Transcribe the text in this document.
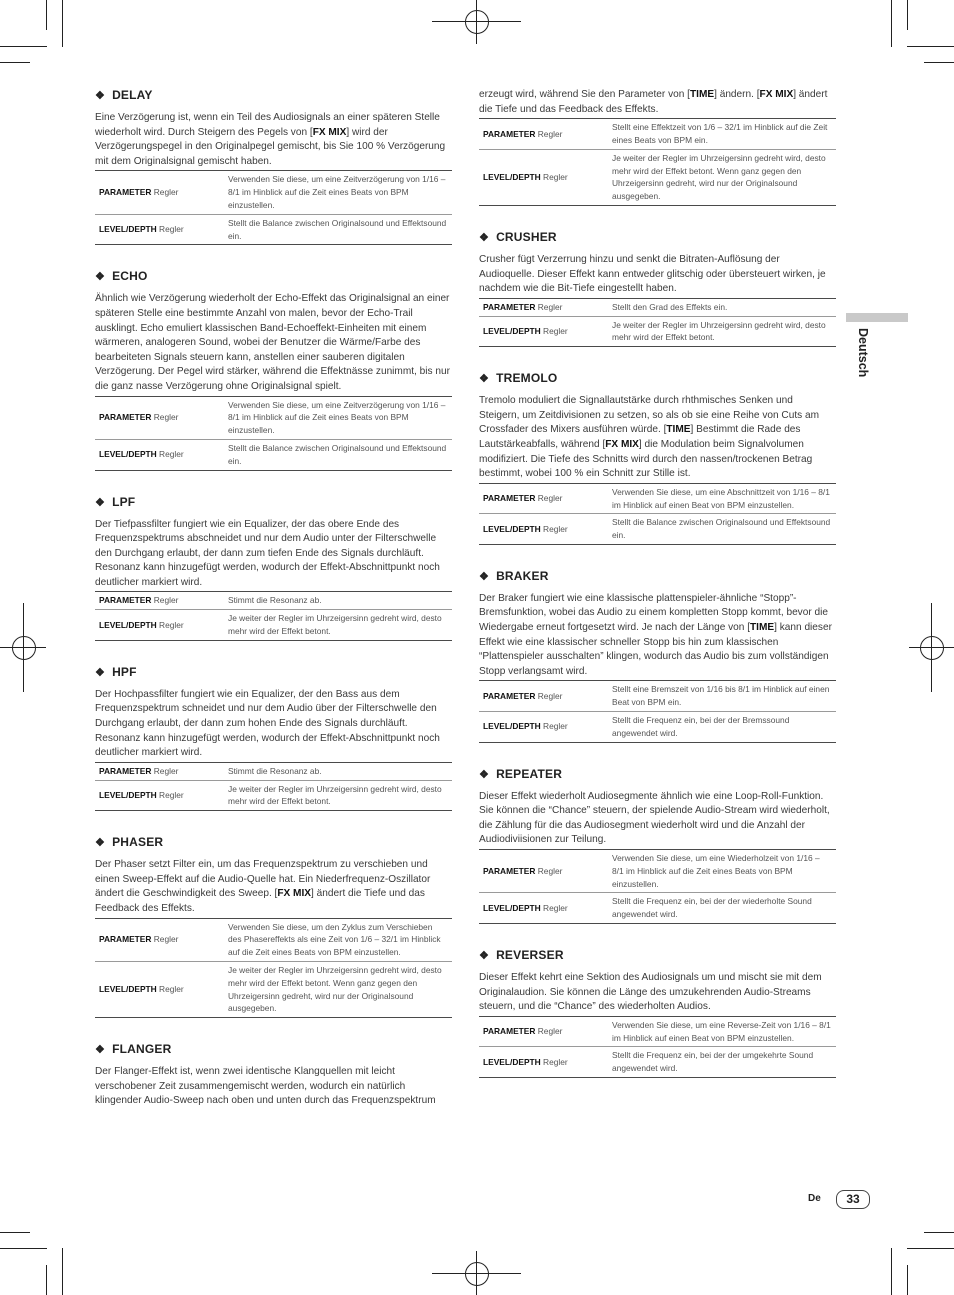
❖ DELAY

Eine Verzögerung ist, wenn ein Teil des Audiosignals an einer späteren Stelle wiederholt wird. Durch Steigern des Pegels von [FX MIX] wird der Verzögerungspegel in den Originalpegel gemischt, bis Sie 100 % Verzögerung mit dem Originalsignal gemischt haben.

PARAMETER Regler	Verwenden Sie diese, um eine Zeitverzögerung von 1/16 – 8/1 im Hinblick auf die Zeit eines Beats von BPM einzustellen.
LEVEL/DEPTH Regler	Stellt die Balance zwischen Originalsound und Effektsound ein.
❖ ECHO

Ähnlich wie Verzögerung wiederholt der Echo-Effekt das Originalsignal an einer späteren Stelle eine bestimmte Anzahl von malen, bevor der Echo-Trail ausklingt. Echo emuliert klassischen Band-Echoeffekt-Einheiten mit einem wärmeren, analogeren Sound, wobei der Benutzer die Wärme/Farbe des bearbeiteten Signals steuern kann, anstellen einer sauberen digitalen Verzögerung. Der Pegel wird stärker, während die Effektnässe zunimmt, bis nur die ganz nasse Verzögerung ohne Originalsignal spielt.

PARAMETER Regler	Verwenden Sie diese, um eine Zeitverzögerung von 1/16 – 8/1 im Hinblick auf die Zeit eines Beats von BPM einzustellen.
LEVEL/DEPTH Regler	Stellt die Balance zwischen Originalsound und Effektsound ein.
❖ LPF

Der Tiefpassfilter fungiert wie ein Equalizer, der das obere Ende des Frequenzspektrums abschneidet und nur dem Audio unter der Filterschwelle den Durchgang erlaubt, der dann zum tiefen Ende des Signals durchläuft. Resonanz kann hinzugefügt werden, wodurch der Effekt-Abschnittpunkt noch deutlicher markiert wird.

PARAMETER Regler	Stimmt die Resonanz ab.
LEVEL/DEPTH Regler	Je weiter der Regler im Uhrzeigersinn gedreht wird, desto mehr wird der Effekt betont.
❖ HPF

Der Hochpassfilter fungiert wie ein Equalizer, der den Bass aus dem Frequenzspektrum schneidet und nur dem Audio über der Filterschwelle den Durchgang erlaubt, der dann zum hohen Ende des Signals durchläuft. Resonanz kann hinzugefügt werden, wodurch der Effekt-Abschnittpunkt noch deutlicher markiert wird.

PARAMETER Regler	Stimmt die Resonanz ab.
LEVEL/DEPTH Regler	Je weiter der Regler im Uhrzeigersinn gedreht wird, desto mehr wird der Effekt betont.
❖ PHASER

Der Phaser setzt Filter ein, um das Frequenzspektrum zu verschieben und einen Sweep-Effekt auf die Audio-Quelle hat. Ein Niederfrequenz-Oszillator ändert die Geschwindigkeit des Sweep. [FX MIX] ändert die Tiefe und das Feedback des Effekts.

PARAMETER Regler	Verwenden Sie diese, um den Zyklus zum Verschieben des Phasereffekts als eine Zeit von 1/6 – 32/1 im Hinblick auf die Zeit eines Beats von BPM einzustellen.
LEVEL/DEPTH Regler	Je weiter der Regler im Uhrzeigersinn gedreht wird, desto mehr wird der Effekt betont. Wenn ganz gegen den Uhrzeigersinn gedreht, wird nur der Originalsound ausgegeben.
❖ FLANGER

Der Flanger-Effekt ist, wenn zwei identische Klangquellen mit leicht verschobener Zeit zusammengemischt werden, wodurch ein natürlich klingender Audio-Sweep nach oben und unten durch das Frequenzspektrum

erzeugt wird, während Sie den Parameter von [TIME] ändern. [FX MIX] ändert die Tiefe und das Feedback des Effekts.

PARAMETER Regler	Stellt eine Effektzeit von 1/6 – 32/1 im Hinblick auf die Zeit eines Beats von BPM ein.
LEVEL/DEPTH Regler	Je weiter der Regler im Uhrzeigersinn gedreht wird, desto mehr wird der Effekt betont. Wenn ganz gegen den Uhrzeigersinn gedreht, wird nur der Originalsound ausgegeben.
❖ CRUSHER

Crusher fügt Verzerrung hinzu und senkt die Bitraten-Auflösung der Audioquelle. Dieser Effekt kann entweder glitschig oder übersteuert wirken, je nachdem wie die Bit-Tiefe eingestellt haben.

PARAMETER Regler	Stellt den Grad des Effekts ein.
LEVEL/DEPTH Regler	Je weiter der Regler im Uhrzeigersinn gedreht wird, desto mehr wird der Effekt betont.
❖ TREMOLO

Tremolo moduliert die Signallautstärke durch rhthmisches Senken und Steigern, um Zeitdivisionen zu setzen, so als ob sie eine Reihe von Cuts am Crossfader des Mixers ausführen würde. [TIME] Bestimmt die Rade des Lautstärkeabfalls, während [FX MIX] die Modulation beim Signalvolumen modifiziert. Die Tiefe des Schnitts wird durch den nassen/trockenen Betrag bestimmt, wobei 100 % ein Schnitt zur Stille ist.

PARAMETER Regler	Verwenden Sie diese, um eine Abschnittzeit von 1/16 – 8/1 im Hinblick auf einen Beat von BPM einzustellen.
LEVEL/DEPTH Regler	Stellt die Balance zwischen Originalsound und Effektsound ein.
❖ BRAKER

Der Braker fungiert wie eine klassische plattenspieler-ähnliche “Stopp”-Bremsfunktion, wobei das Audio zu einem kompletten Stopp kommt, bevor die Wiedergabe erneut fortgesetzt wird. Je nach der Länge von [TIME] kann dieser Effekt wie eine klassischer schneller Stopp bis hin zum klassischen “Plattenspieler ausschalten” klingen, wodurch das Audio bis zum vollständigen Stopp verlangsamt wird.

PARAMETER Regler	Stellt eine Bremszeit von 1/16 bis 8/1 im Hinblick auf einen Beat von BPM ein.
LEVEL/DEPTH Regler	Stellt die Frequenz ein, bei der der Bremssound angewendet wird.
❖ REPEATER

Dieser Effekt wiederholt Audiosegmente ähnlich wie eine Loop-Roll-Funktion. Sie können die “Chance” steuern, der spielende Audio-Stream wird wiederholt, die Zählung für die das Audiosegment wiederholt wird und die Anzahl der Audiodiviisionen zur Teilung.

PARAMETER Regler	Verwenden Sie diese, um eine Wiederholzeit von 1/16 – 8/1 im Hinblick auf die Zeit eines Beats von BPM einzustellen.
LEVEL/DEPTH Regler	Stellt die Frequenz ein, bei der der wiederholte Sound angewendet wird.
❖ REVERSER

Dieser Effekt kehrt eine Sektion des Audiosignals um und mischt sie mit dem Originalaudion. Sie können die Länge des umzukehrenden Audio-Streams steuern, und die “Chance” des wiederholten Audios.

PARAMETER Regler	Verwenden Sie diese, um eine Reverse-Zeit von 1/16 – 8/1 im Hinblick auf einen Beat von BPM einzustellen.
LEVEL/DEPTH Regler	Stellt die Frequenz ein, bei der der umgekehrte Sound angewendet wird.
Deutsch
De	33
